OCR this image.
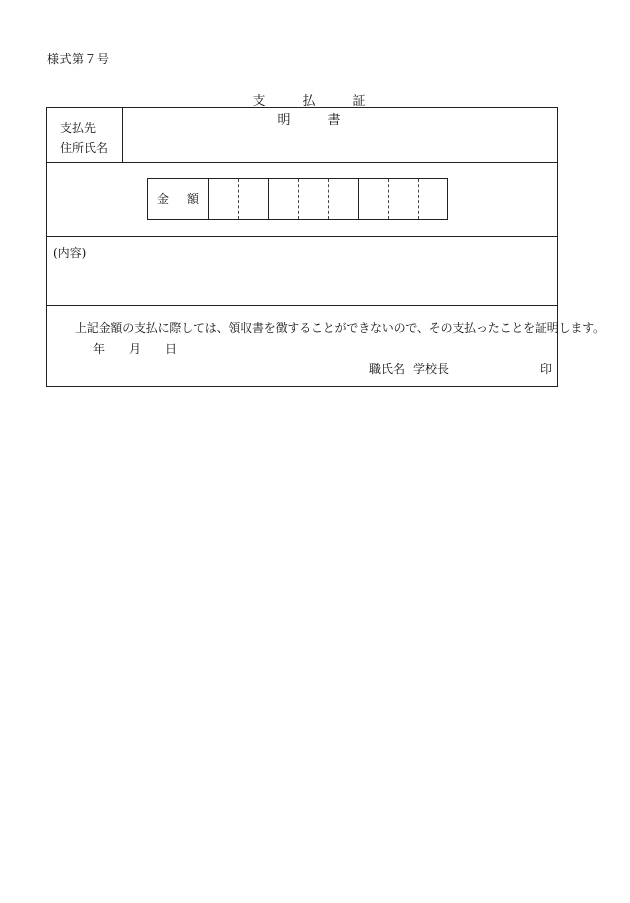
様式第７号
支　払　証　明　書
支払先
住所氏名
金 額
(内容)
上記金額の支払に際しては、領収書を徴することができないので、その支払ったことを証明します。
年 月 日
職氏名 学校長	印
